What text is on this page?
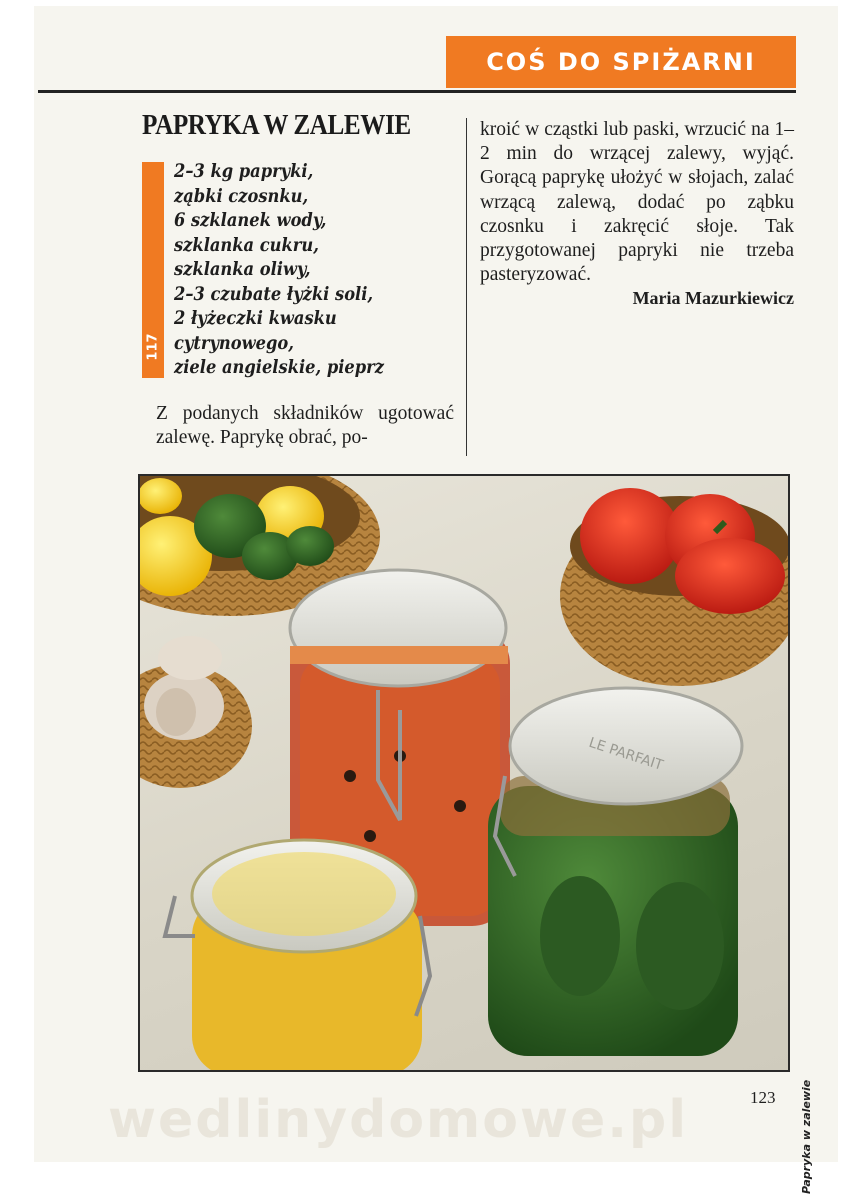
COŚ DO SPIŻARNI
PAPRYKA W ZALEWIE
117
2–3 kg papryki,
ząbki czosnku,
6 szklanek wody,
szklanka cukru,
szklanka oliwy,
2–3 czubate łyżki soli,
2 łyżeczki kwasku
cytrynowego,
ziele angielskie, pieprz
Z podanych składników ugotować zalewę. Paprykę obrać, po-
kroić w cząstki lub paski, wrzucić na 1–2 min do wrzącej zalewy, wyjąć. Gorącą paprykę ułożyć w słojach, zalać wrzącą zalewą, dodać po ząbku czosnku i zakręcić słoje. Tak przygotowanej papryki nie trzeba pasteryzować.
Maria Mazurkiewicz
LE PARFAIT
Papryka w zalewie
123
wedlinydomowe.pl
